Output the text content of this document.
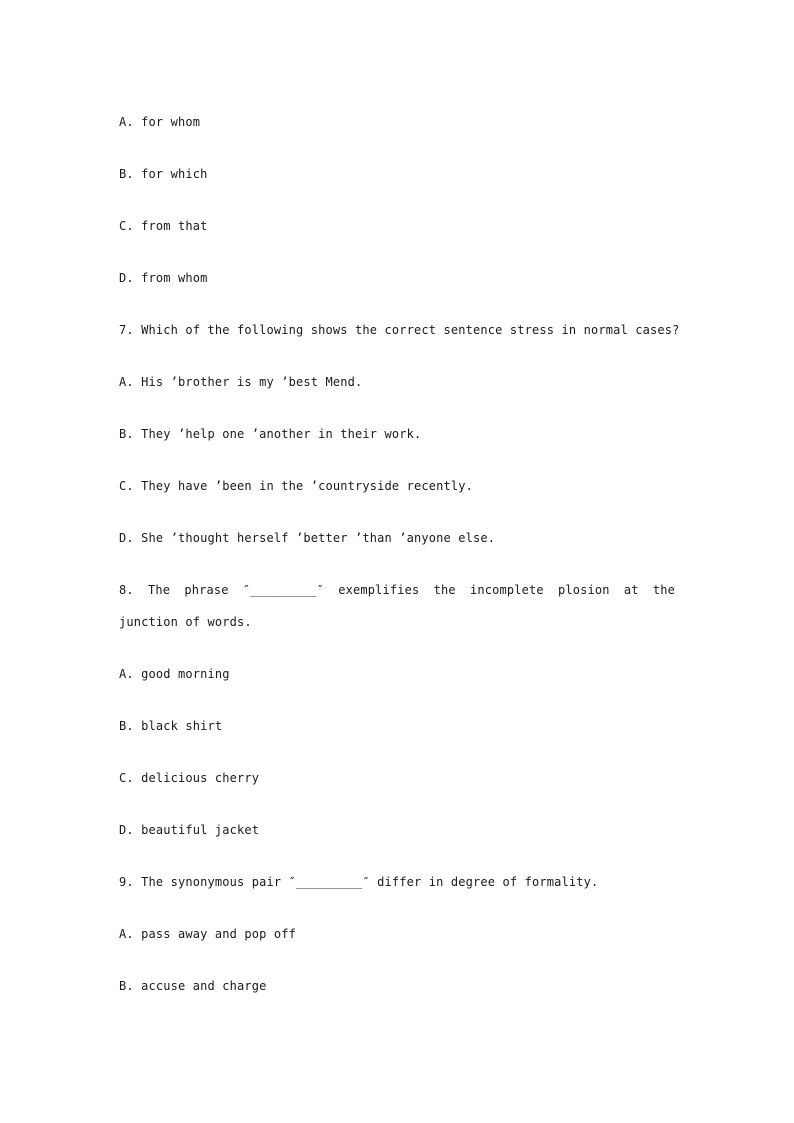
A. for whom
B. for which
C. from that
D. from whom
7. Which of the following shows the correct sentence stress in normal cases?
A. His ’brother is my ’best Mend.
B. They ’help one ’another in their work.
C. They have ’been in the ’countryside recently.
D. She ’thought herself ’better ’than ’anyone else.
8. The phrase ″_________″ exemplifies the incomplete plosion at the junction of words.
A. good morning
B. black shirt
C. delicious cherry
D. beautiful jacket
9. The synonymous pair ″_________″ differ in degree of formality.
A. pass away and pop off
B. accuse and charge
